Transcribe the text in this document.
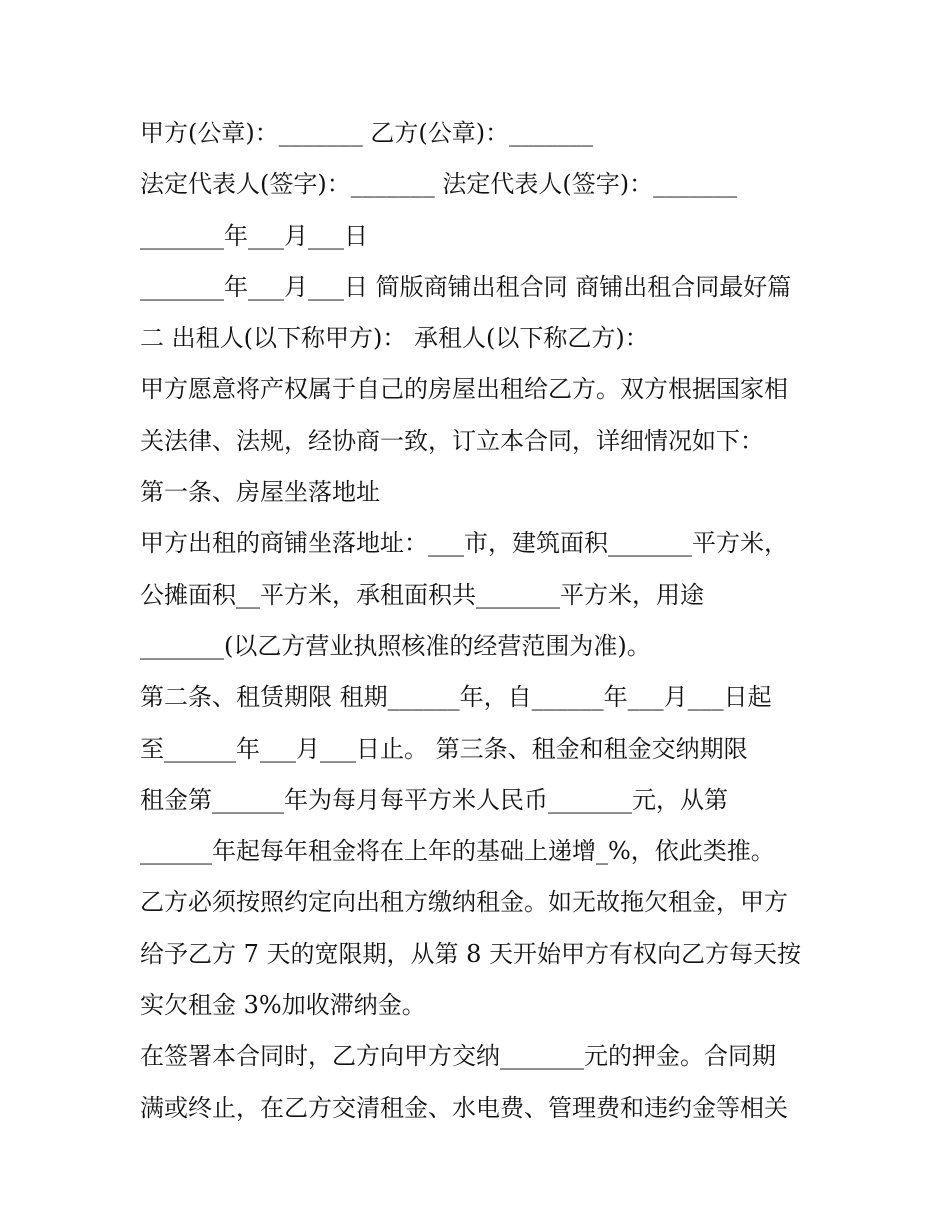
甲方(公章)：_______ 乙方(公章)：_______
法定代表人(签字)：_______ 法定代表人(签字)：_______
_______年___月___日
_______年___月___日 简版商铺出租合同 商铺出租合同最好篇
二 出租人(以下称甲方)： 承租人(以下称乙方)：
甲方愿意将产权属于自己的房屋出租给乙方。双方根据国家相
关法律、法规，经协商一致，订立本合同，详细情况如下：
第一条、房屋坐落地址
甲方出租的商铺坐落地址：___市，建筑面积_______平方米，
公摊面积__平方米，承租面积共_______平方米，用途
_______(以乙方营业执照核准的经营范围为准)。
第二条、租赁期限 租期______年，自______年___月___日起
至______年___月___日止。 第三条、租金和租金交纳期限
租金第______年为每月每平方米人民币_______元，从第
______年起每年租金将在上年的基础上递增_%，依此类推。
乙方必须按照约定向出租方缴纳租金。如无故拖欠租金，甲方
给予乙方 7 天的宽限期，从第 8 天开始甲方有权向乙方每天按
实欠租金 3%加收滞纳金。
在签署本合同时，乙方向甲方交纳_______元的押金。合同期
满或终止，在乙方交清租金、水电费、管理费和违约金等相关
